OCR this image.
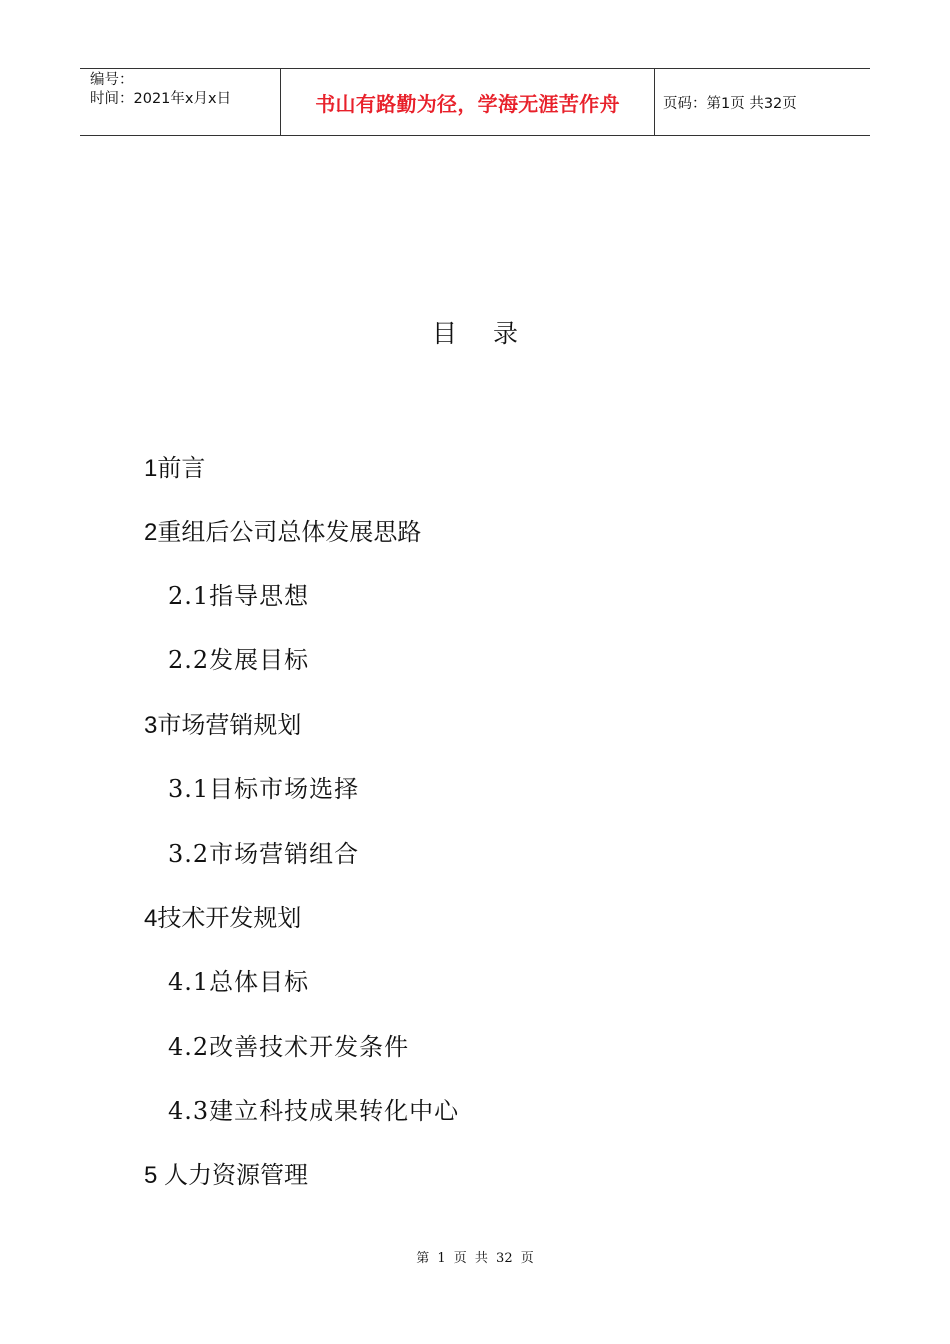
编号：
时间：2021年x月x日	书山有路勤为径，学海无涯苦作舟	页码：第1页 共32页
目录
1前言
2重组后公司总体发展思路
2.1指导思想
2.2发展目标
3市场营销规划
3.1目标市场选择
3.2市场营销组合
4技术开发规划
4.1总体目标
4.2改善技术开发条件
4.3建立科技成果转化中心
5 人力资源管理
第 1 页 共 32 页
